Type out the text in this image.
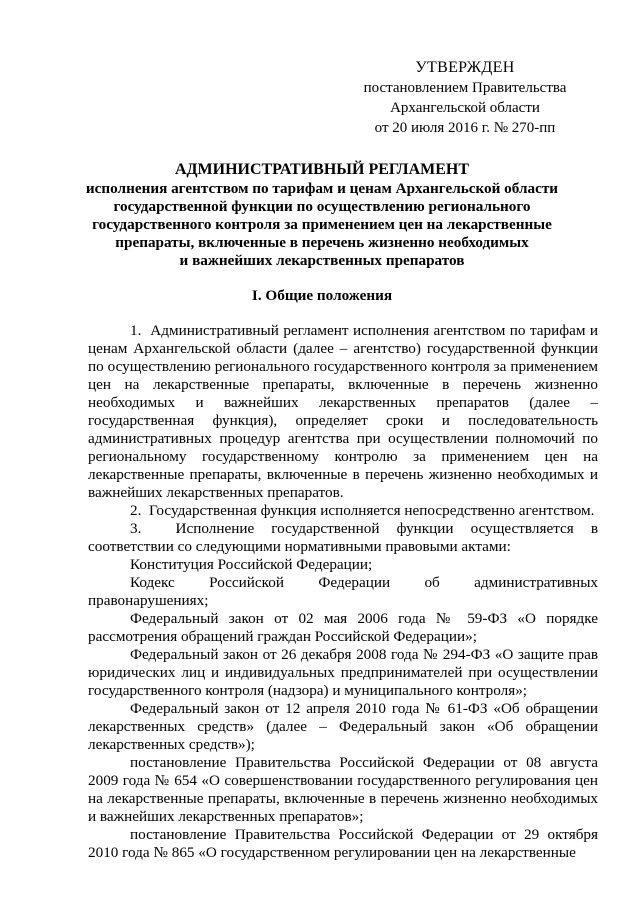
УТВЕРЖДЕН
постановлением Правительства
Архангельской области
от 20 июля 2016 г. № 270-пп
АДМИНИСТРАТИВНЫЙ РЕГЛАМЕНТ
исполнения агентством по тарифам и ценам Архангельской области
государственной функции по осуществлению регионального
государственного контроля за применением цен на лекарственные
препараты, включенные в перечень жизненно необходимых
и важнейших лекарственных препаратов
I. Общие положения

1.  Административный регламент исполнения агентством по тарифам и ценам Архангельской области (далее – агентство) государственной функции по осуществлению регионального государственного контроля за применением цен на лекарственные препараты, включенные в перечень жизненно необходимых и важнейших лекарственных препаратов (далее – государственная функция), определяет сроки и последовательность административных процедур агентства при осуществлении полномочий по региональному государственному контролю за применением цен на лекарственные препараты, включенные в перечень жизненно необходимых и важнейших лекарственных препаратов.

2.  Государственная функция исполняется непосредственно агентством.

3.  Исполнение государственной функции осуществляется в соответствии со следующими нормативными правовыми актами:

Конституция Российской Федерации;

Кодекс Российской Федерации об административных правонарушениях;

Федеральный закон от 02 мая 2006 года № 59-ФЗ «О порядке рассмотрения обращений граждан Российской Федерации»;

Федеральный закон от 26 декабря 2008 года № 294-ФЗ «О защите прав юридических лиц и индивидуальных предпринимателей при осуществлении государственного контроля (надзора) и муниципального контроля»;

Федеральный закон от 12 апреля 2010 года № 61-ФЗ «Об обращении лекарственных средств» (далее – Федеральный закон «Об обращении лекарственных средств»);

постановление Правительства Российской Федерации от 08 августа 2009 года № 654 «О совершенствовании государственного регулирования цен на лекарственные препараты, включенные в перечень жизненно необходимых и важнейших лекарственных препаратов»;

постановление Правительства Российской Федерации от 29 октября 2010 года № 865 «О государственном регулировании цен на лекарственные
